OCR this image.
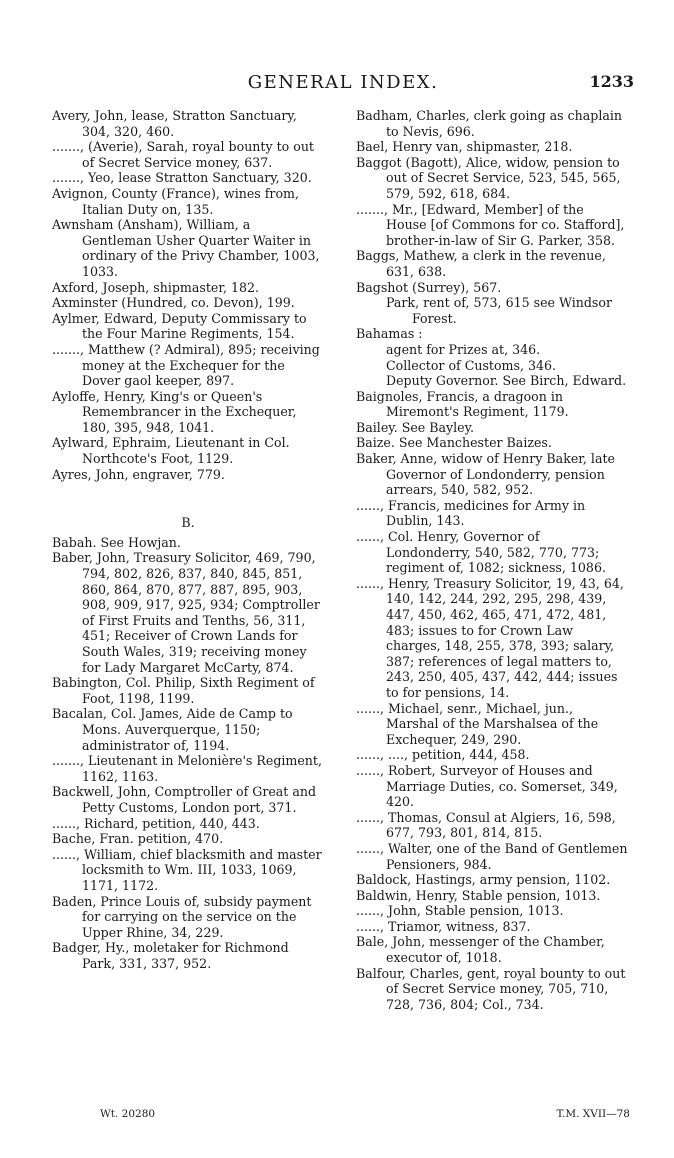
GENERAL INDEX.	1233
Avery, John, lease, Stratton Sanctuary, 304, 320, 460.
......., (Averie), Sarah, royal bounty to out of Secret Service money, 637.
......., Yeo, lease Stratton Sanctuary, 320.
Avignon, County (France), wines from, Italian Duty on, 135.
Awnsham (Ansham), William, a Gentleman Usher Quarter Waiter in ordinary of the Privy Chamber, 1003, 1033.
Axford, Joseph, shipmaster, 182.
Axminster (Hundred, co. Devon), 199.
Aylmer, Edward, Deputy Commissary to the Four Marine Regiments, 154.
......., Matthew (? Admiral), 895; receiving money at the Exchequer for the Dover gaol keeper, 897.
Ayloffe, Henry, King's or Queen's Remembrancer in the Exchequer, 180, 395, 948, 1041.
Aylward, Ephraim, Lieutenant in Col. Northcote's Foot, 1129.
Ayres, John, engraver, 779.
B.
Babah. See Howjan.
Baber, John, Treasury Solicitor, 469, 790, 794, 802, 826, 837, 840, 845, 851, 860, 864, 870, 877, 887, 895, 903, 908, 909, 917, 925, 934; Comptroller of First Fruits and Tenths, 56, 311, 451; Receiver of Crown Lands for South Wales, 319; receiving money for Lady Margaret McCarty, 874.
Babington, Col. Philip, Sixth Regiment of Foot, 1198, 1199.
Bacalan, Col. James, Aide de Camp to Mons. Auverquerque, 1150; administrator of, 1194.
......., Lieutenant in Melonière's Regiment, 1162, 1163.
Backwell, John, Comptroller of Great and Petty Customs, London port, 371.
......, Richard, petition, 440, 443.
Bache, Fran. petition, 470.
......, William, chief blacksmith and master locksmith to Wm. III, 1033, 1069, 1171, 1172.
Baden, Prince Louis of, subsidy payment for carrying on the service on the Upper Rhine, 34, 229.
Badger, Hy., moletaker for Richmond Park, 331, 337, 952.
Badham, Charles, clerk going as chaplain to Nevis, 696.
Bael, Henry van, shipmaster, 218.
Baggot (Bagott), Alice, widow, pension to out of Secret Service, 523, 545, 565, 579, 592, 618, 684.
......., Mr., [Edward, Member] of the House [of Commons for co. Stafford], brother-in-law of Sir G. Parker, 358.
Baggs, Mathew, a clerk in the revenue, 631, 638.
Bagshot (Surrey), 567.
Park, rent of, 573, 615 see Windsor Forest.
Bahamas :
agent for Prizes at, 346.
Collector of Customs, 346.
Deputy Governor. See Birch, Edward.
Baignoles, Francis, a dragoon in Miremont's Regiment, 1179.
Bailey. See Bayley.
Baize. See Manchester Baizes.
Baker, Anne, widow of Henry Baker, late Governor of Londonderry, pension arrears, 540, 582, 952.
......, Francis, medicines for Army in Dublin, 143.
......, Col. Henry, Governor of Londonderry, 540, 582, 770, 773; regiment of, 1082; sickness, 1086.
......, Henry, Treasury Solicitor, 19, 43, 64, 140, 142, 244, 292, 295, 298, 439, 447, 450, 462, 465, 471, 472, 481, 483; issues to for Crown Law charges, 148, 255, 378, 393; salary, 387; references of legal matters to, 243, 250, 405, 437, 442, 444; issues to for pensions, 14.
......, Michael, senr., Michael, jun., Marshal of the Marshalsea of the Exchequer, 249, 290.
......, ...., petition, 444, 458.
......, Robert, Surveyor of Houses and Marriage Duties, co. Somerset, 349, 420.
......, Thomas, Consul at Algiers, 16, 598, 677, 793, 801, 814, 815.
......, Walter, one of the Band of Gentlemen Pensioners, 984.
Baldock, Hastings, army pension, 1102.
Baldwin, Henry, Stable pension, 1013.
......, John, Stable pension, 1013.
......, Triamor, witness, 837.
Bale, John, messenger of the Chamber, executor of, 1018.
Balfour, Charles, gent, royal bounty to out of Secret Service money, 705, 710, 728, 736, 804; Col., 734.
Wt. 20280	T.M. XVII—78
